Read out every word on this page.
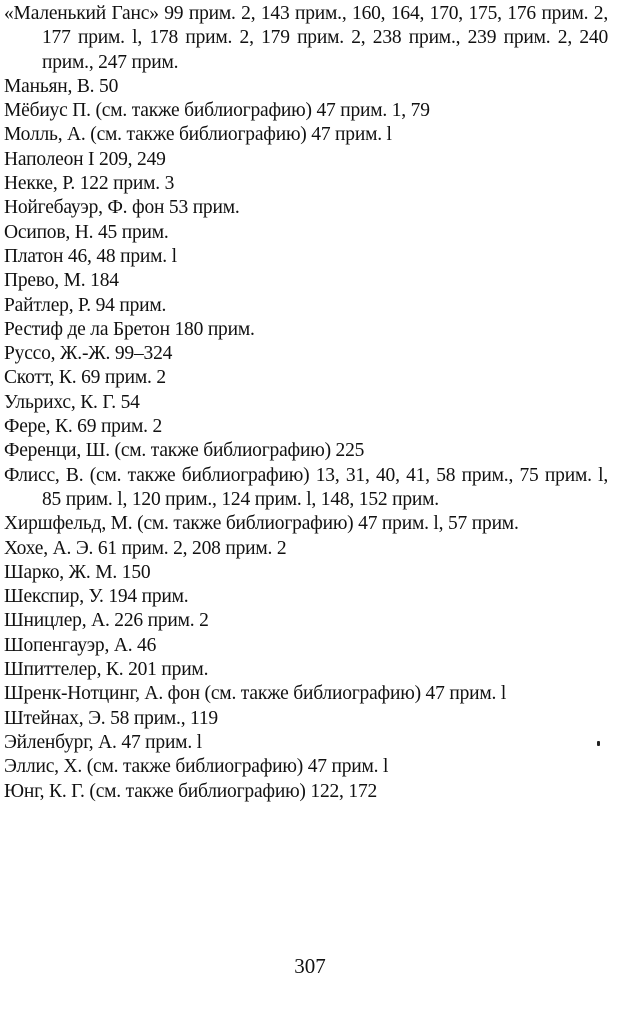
«Маленький Ганс» 99 прим. 2, 143 прим., 160, 164, 170, 175, 176 прим. 2, 177 прим. l, 178 прим. 2, 179 прим. 2, 238 прим., 239 прим. 2, 240 прим., 247 прим.
Маньян, В. 50
Мёбиус П. (см. также библиографию) 47 прим. 1, 79
Молль, А. (см. также библиографию) 47 прим. l
Наполеон I 209, 249
Некке, Р. 122 прим. 3
Нойгебауэр, Ф. фон 53 прим.
Осипов, Н. 45 прим.
Платон 46, 48 прим. l
Прево, М. 184
Райтлер, Р. 94 прим.
Рестиф де ла Бретон 180 прим.
Руссо, Ж.-Ж. 99–324
Скотт, К. 69 прим. 2
Ульрихс, К. Г. 54
Фере, К. 69 прим. 2
Ференци, Ш. (см. также библиографию) 225
Флисс, В. (см. также библиографию) 13, 31, 40, 41, 58 прим., 75 прим. l, 85 прим. l, 120 прим., 124 прим. l, 148, 152 прим.
Хиршфельд, М. (см. также библиографию) 47 прим. l, 57 прим.
Хохе, А. Э. 61 прим. 2, 208 прим. 2
Шарко, Ж. М. 150
Шекспир, У. 194 прим.
Шницлер, А. 226 прим. 2
Шопенгауэр, А. 46
Шпиттелер, К. 201 прим.
Шренк-Нотцинг, А. фон (см. также библиографию) 47 прим. l
Штейнах, Э. 58 прим., 119
Эйленбург, А. 47 прим. l
Эллис, Х. (см. также библиографию) 47 прим. l
Юнг, К. Г. (см. также библиографию) 122, 172
307
